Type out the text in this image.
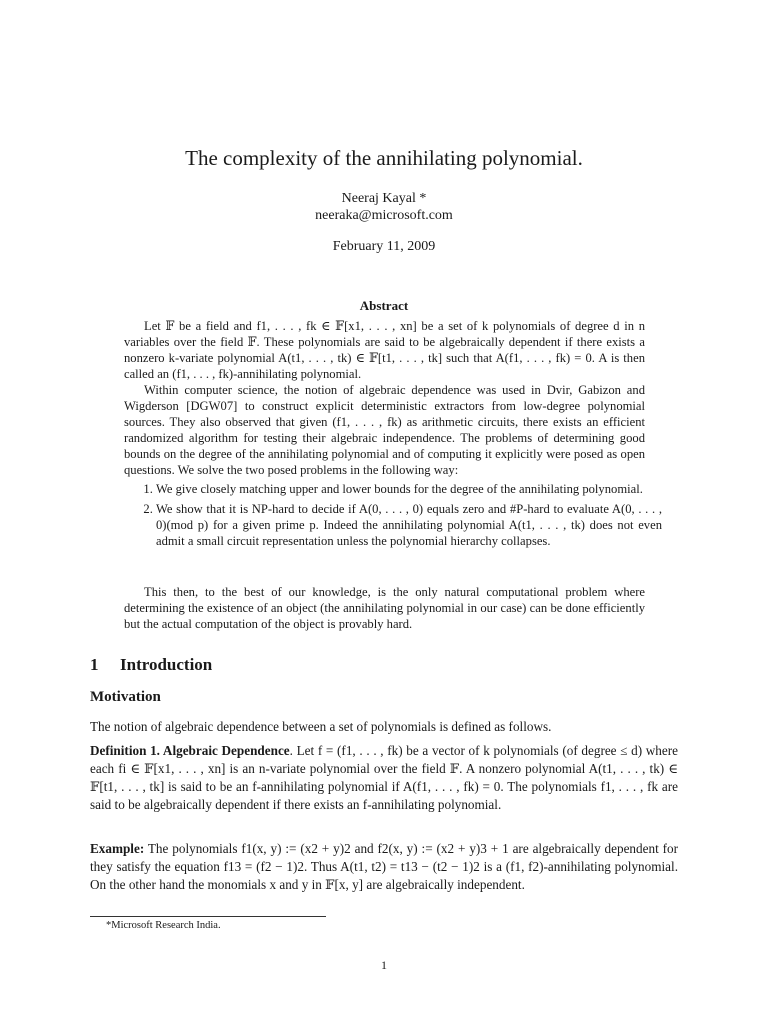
The complexity of the annihilating polynomial.
Neeraj Kayal *
neeraka@microsoft.com
February 11, 2009
Abstract

Let 𝔽 be a field and f1, . . . , fk ∈ 𝔽[x1, . . . , xn] be a set of k polynomials of degree d in n variables over the field 𝔽. These polynomials are said to be algebraically dependent if there exists a nonzero k-variate polynomial A(t1, . . . , tk) ∈ 𝔽[t1, . . . , tk] such that A(f1, . . . , fk) = 0. A is then called an (f1, . . . , fk)-annihilating polynomial.

Within computer science, the notion of algebraic dependence was used in Dvir, Gabizon and Wigderson [DGW07] to construct explicit deterministic extractors from low-degree polynomial sources. They also observed that given (f1, . . . , fk) as arithmetic circuits, there exists an efficient randomized algorithm for testing their algebraic independence. The problems of determining good bounds on the degree of the annihilating polynomial and of computing it explicitly were posed as open questions. We solve the two posed problems in the following way:

1. We give closely matching upper and lower bounds for the degree of the annihilating polynomial.
2. We show that it is NP-hard to decide if A(0, . . . , 0) equals zero and #P-hard to evaluate A(0, . . . , 0)(mod p) for a given prime p. Indeed the annihilating polynomial A(t1, . . . , tk) does not even admit a small circuit representation unless the polynomial hierarchy collapses.

This then, to the best of our knowledge, is the only natural computational problem where determining the existence of an object (the annihilating polynomial in our case) can be done efficiently but the actual computation of the object is provably hard.

1 Introduction
Motivation

The notion of algebraic dependence between a set of polynomials is defined as follows.

Definition 1. Algebraic Dependence. Let f = (f1, . . . , fk) be a vector of k polynomials (of degree ≤ d) where each fi ∈ 𝔽[x1, . . . , xn] is an n-variate polynomial over the field 𝔽. A nonzero polynomial A(t1, . . . , tk) ∈ 𝔽[t1, . . . , tk] is said to be an f-annihilating polynomial if A(f1, . . . , fk) = 0. The polynomials f1, . . . , fk are said to be algebraically dependent if there exists an f-annihilating polynomial.

Example: The polynomials f1(x, y) := (x2 + y)2 and f2(x, y) := (x2 + y)3 + 1 are algebraically dependent for they satisfy the equation f13 = (f2 − 1)2. Thus A(t1, t2) = t13 − (t2 − 1)2 is a (f1, f2)-annihilating polynomial. On the other hand the monomials x and y in 𝔽[x, y] are algebraically independent.

*Microsoft Research India.
1
